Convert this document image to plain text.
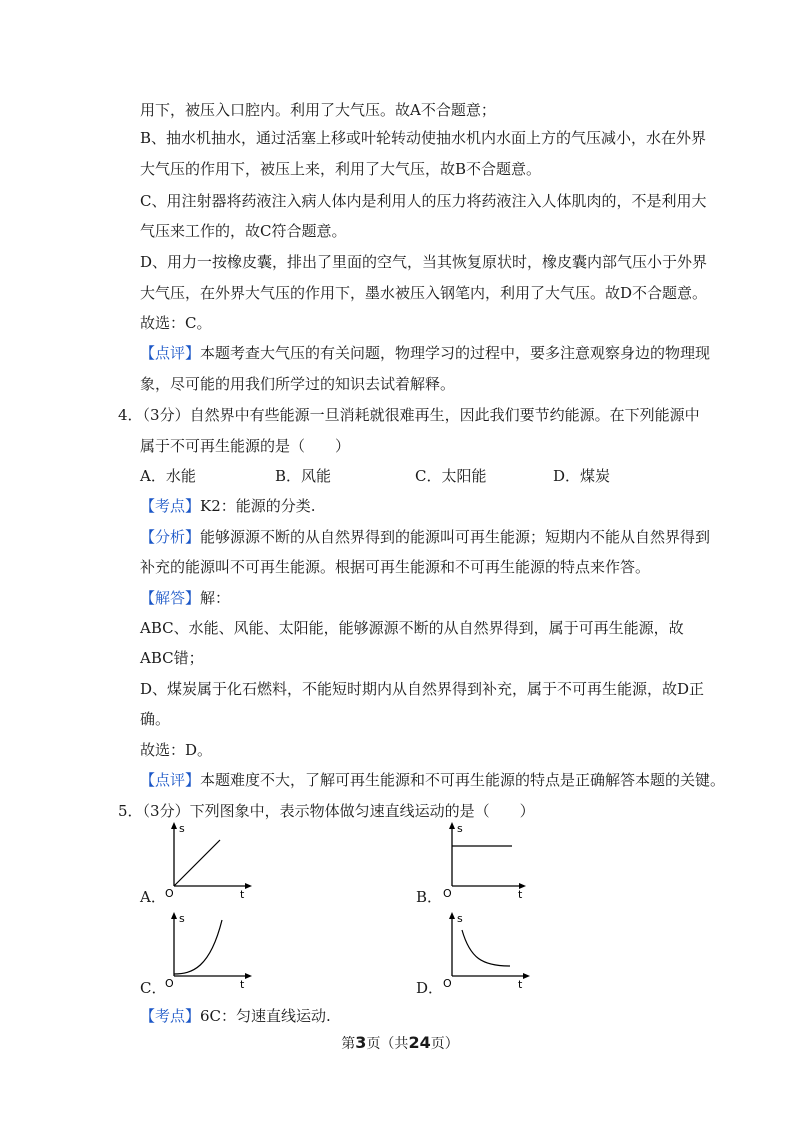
用下，被压入口腔内。利用了大气压。故A不合题意；
B、抽水机抽水，通过活塞上移或叶轮转动使抽水机内水面上方的气压减小，水在外界
大气压的作用下，被压上来，利用了大气压，故B不合题意。
C、用注射器将药液注入病人体内是利用人的压力将药液注入人体肌肉的，不是利用大
气压来工作的，故C符合题意。
D、用力一按橡皮囊，排出了里面的空气，当其恢复原状时，橡皮囊内部气压小于外界
大气压，在外界大气压的作用下，墨水被压入钢笔内，利用了大气压。故D不合题意。
故选：C。
【点评】本题考查大气压的有关问题，物理学习的过程中，要多注意观察身边的物理现
象，尽可能的用我们所学过的知识去试着解释。
4．（3分）自然界中有些能源一旦消耗就很难再生，因此我们要节约能源。在下列能源中
属于不可再生能源的是（　　）
A．水能	B．风能	C．太阳能	D．煤炭
【考点】K2：能源的分类.
【分析】能够源源不断的从自然界得到的能源叫可再生能源；短期内不能从自然界得到
补充的能源叫不可再生能源。根据可再生能源和不可再生能源的特点来作答。
【解答】解：
ABC、水能、风能、太阳能，能够源源不断的从自然界得到，属于可再生能源，故
ABC错；
D、煤炭属于化石燃料，不能短时期内从自然界得到补充，属于不可再生能源，故D正
确。
故选：D。
【点评】本题难度不大，了解可再生能源和不可再生能源的特点是正确解答本题的关键。
5．（3分）下列图象中，表示物体做匀速直线运动的是（　　）
A．
s
t
O	B．
s
t
O
C．
s
t
O	D．
s
t
O
【考点】6C：匀速直线运动.
第3页（共24页）
